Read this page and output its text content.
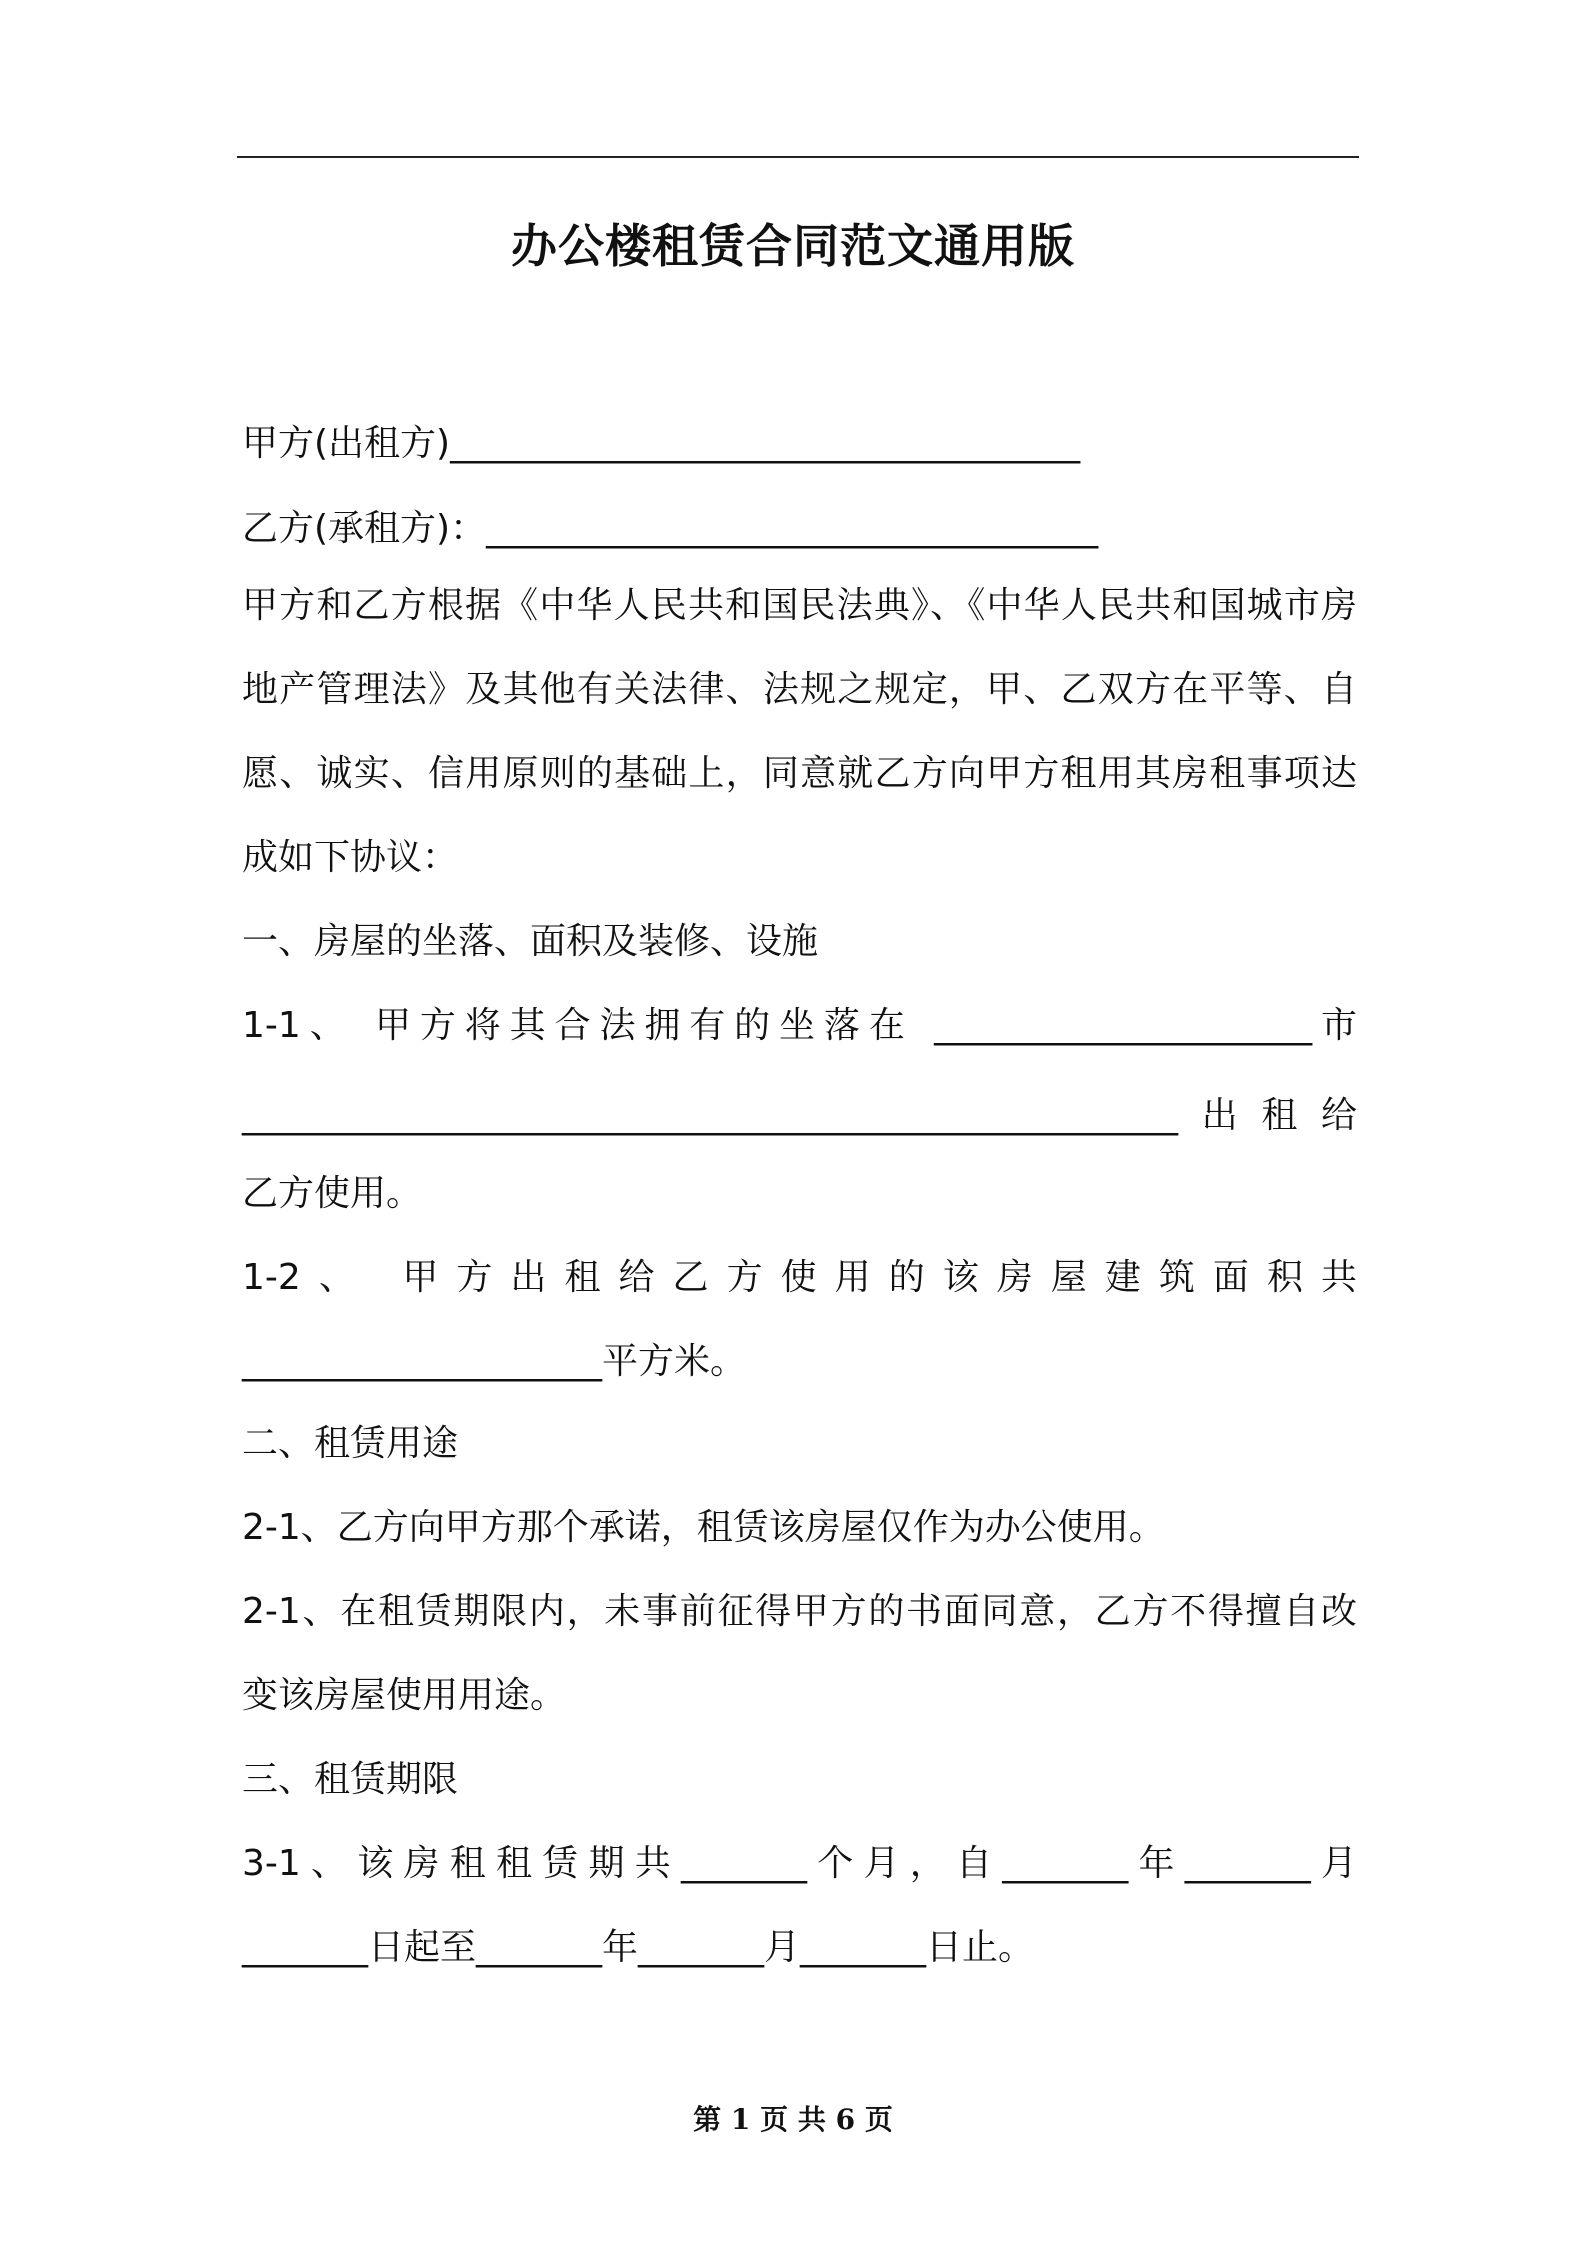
办公楼租赁合同范文通用版

甲方(出租方)___________________________________

乙方(承租方)：__________________________________

甲方和乙方根据《中华人民共和国民法典》、《中华人民共和国城市房

地产管理法》及其他有关法律、法规之规定，甲、乙双方在平等、自

愿、诚实、信用原则的基础上，同意就乙方向甲方租用其房租事项达

成如下协议：

一、房屋的坐落、面积及装修、设施

1-1、 甲方将其合法拥有的坐落在 _____________________市

____________________________________________________出租给

乙方使用。

1-2、 甲方出租给乙方使用的该房屋建筑面积共

____________________平方米。

二、租赁用途

2-1、乙方向甲方那个承诺，租赁该房屋仅作为办公使用。

2-1、在租赁期限内，未事前征得甲方的书面同意，乙方不得擅自改

变该房屋使用用途。

三、租赁期限

3-1、该房租租赁期共_______个月，自_______年_______月

_______日起至_______年_______月_______日止。

第 1 页 共 6 页
